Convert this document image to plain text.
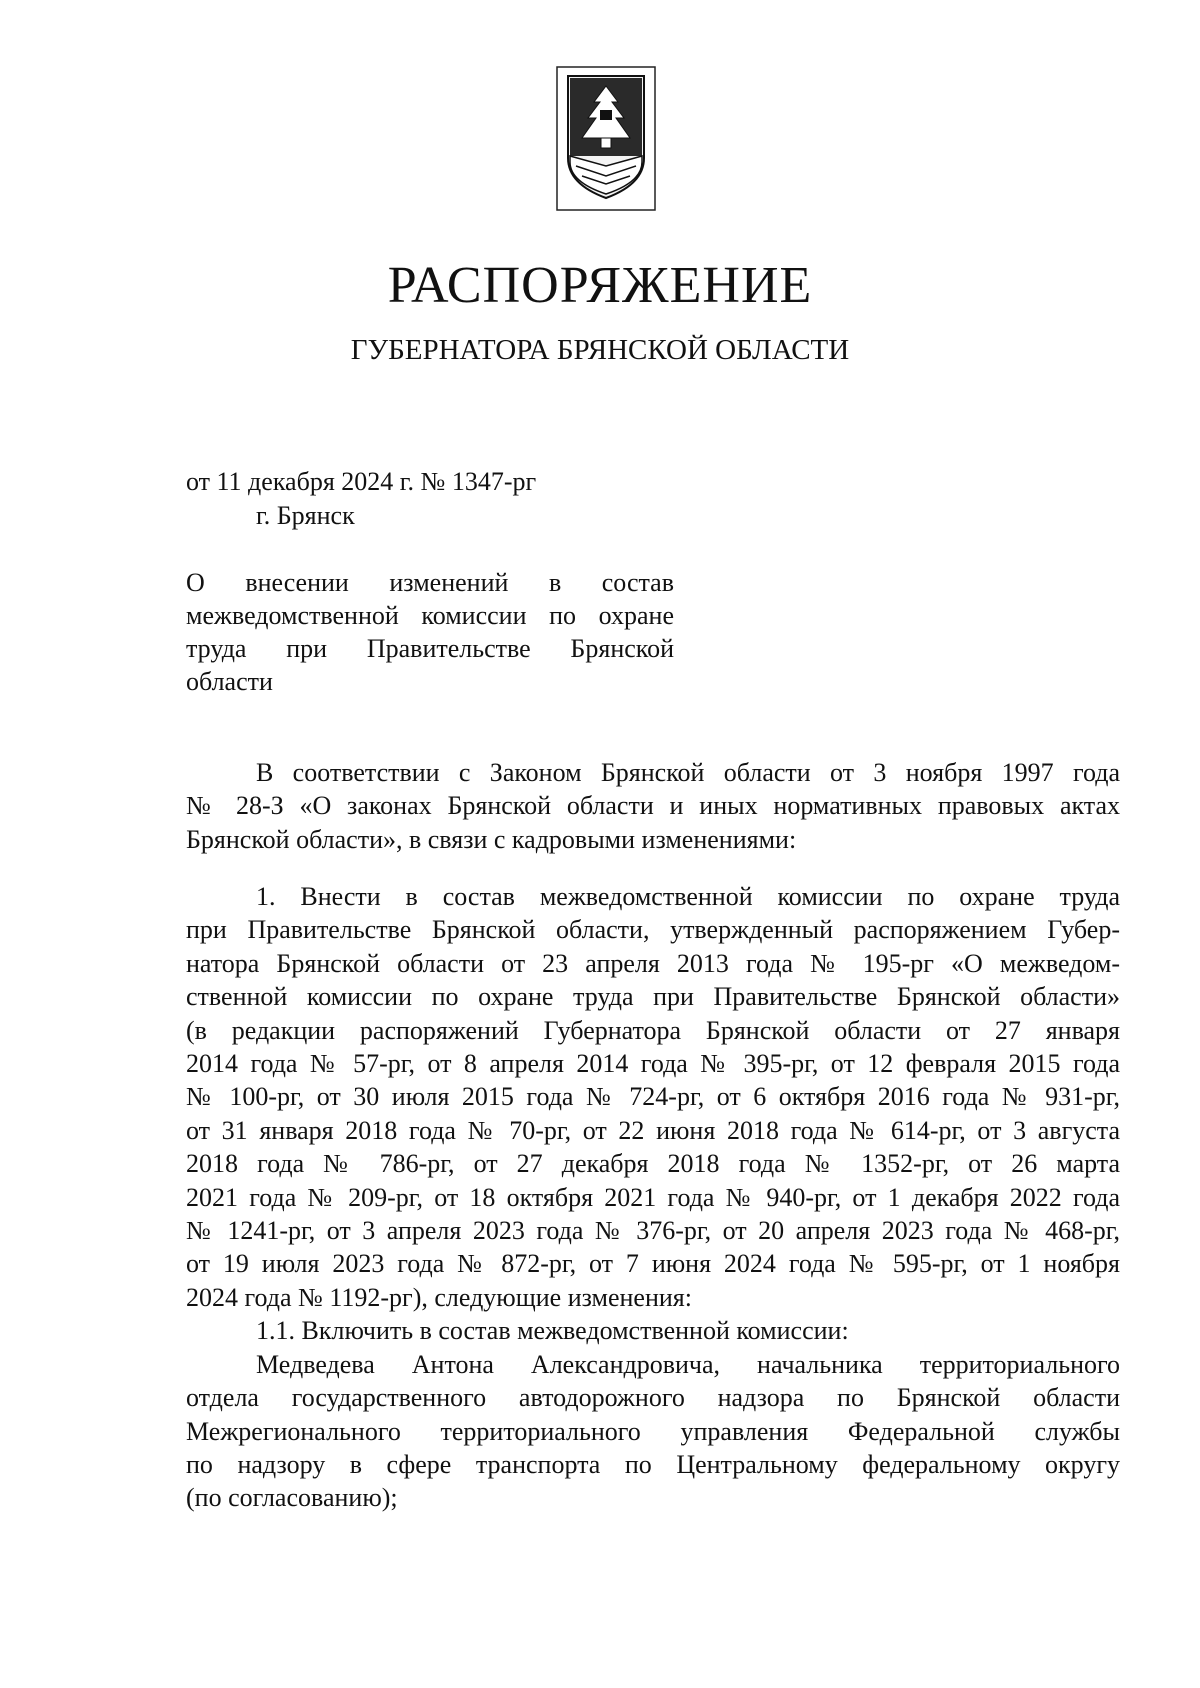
РАСПОРЯЖЕНИЕ
ГУБЕРНАТОРА БРЯНСКОЙ ОБЛАСТИ
от 11 декабря 2024 г. № 1347-рг
г. Брянск
О внесении изменений в состав
межведомственной комиссии по охране
труда при Правительстве Брянской
области
В соответствии с Законом Брянской области от 3 ноября 1997 года
№ 28-З «О законах Брянской области и иных нормативных правовых актах
Брянской области», в связи с кадровыми изменениями:
1. Внести в состав межведомственной комиссии по охране труда
при Правительстве Брянской области, утвержденный распоряжением Губер-
натора Брянской области от 23 апреля 2013 года № 195-рг «О межведом-
ственной комиссии по охране труда при Правительстве Брянской области»
(в редакции распоряжений Губернатора Брянской области от 27 января
2014 года № 57-рг, от 8 апреля 2014 года № 395-рг, от 12 февраля 2015 года
№ 100-рг, от 30 июля 2015 года № 724-рг, от 6 октября 2016 года № 931-рг,
от 31 января 2018 года № 70-рг, от 22 июня 2018 года № 614-рг, от 3 августа
2018 года № 786-рг, от 27 декабря 2018 года № 1352-рг, от 26 марта
2021 года № 209-рг, от 18 октября 2021 года № 940-рг, от 1 декабря 2022 года
№ 1241-рг, от 3 апреля 2023 года № 376-рг, от 20 апреля 2023 года № 468-рг,
от 19 июля 2023 года № 872-рг, от 7 июня 2024 года № 595-рг, от 1 ноября
2024 года № 1192-рг), следующие изменения:
1.1. Включить в состав межведомственной комиссии:
Медведева Антона Александровича, начальника территориального
отдела государственного автодорожного надзора по Брянской области
Межрегионального территориального управления Федеральной службы
по надзору в сфере транспорта по Центральному федеральному округу
(по согласованию);
